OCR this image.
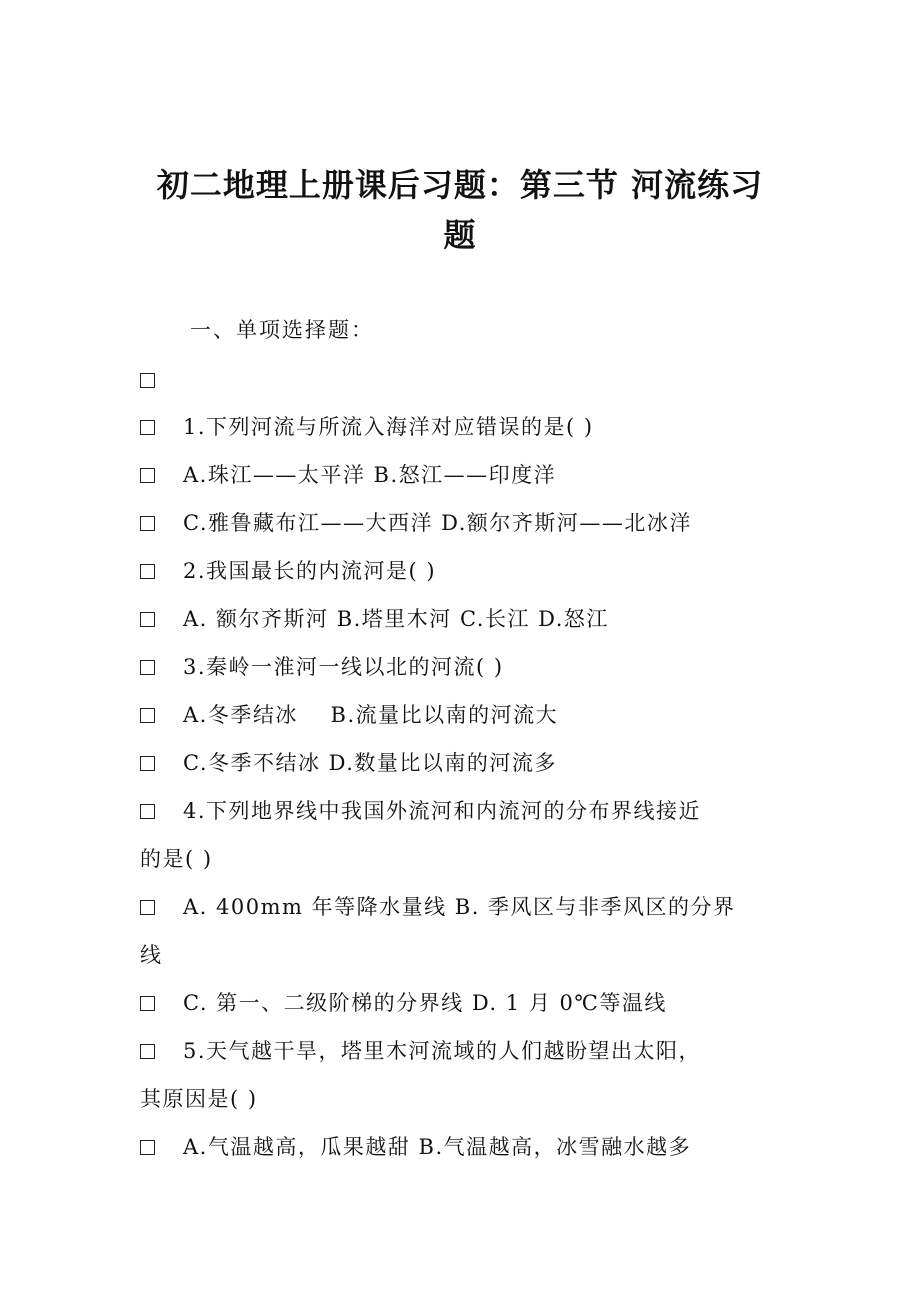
初二地理上册课后习题：第三节 河流练习
题

一、单项选择题：

1.下列河流与所流入海洋对应错误的是( )

A.珠江——太平洋 B.怒江——印度洋

C.雅鲁藏布江——大西洋 D.额尔齐斯河——北冰洋

2.我国最长的内流河是( )

A. 额尔齐斯河 B.塔里木河 C.长江 D.怒江

3.秦岭一淮河一线以北的河流( )

A.冬季结冰    B.流量比以南的河流大

C.冬季不结冰 D.数量比以南的河流多

4.下列地界线中我国外流河和内流河的分布界线接近

的是( )

A. 400mm 年等降水量线 B. 季风区与非季风区的分界

线

C. 第一、二级阶梯的分界线 D. 1 月 0℃等温线

5.天气越干旱，塔里木河流域的人们越盼望出太阳，

其原因是( )

A.气温越高，瓜果越甜 B.气温越高，冰雪融水越多
